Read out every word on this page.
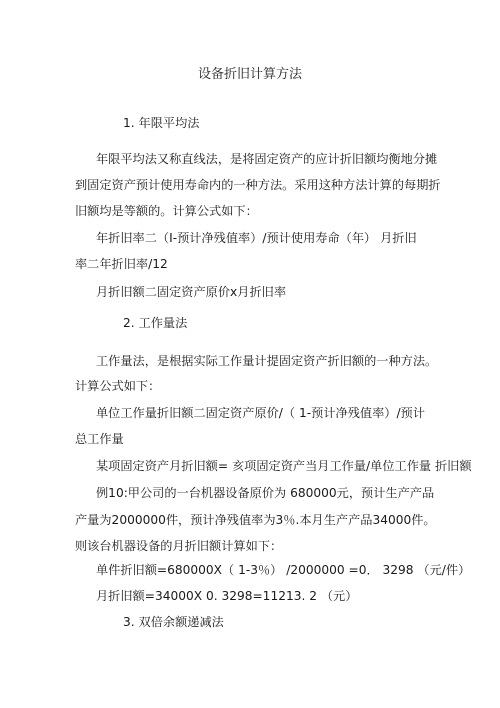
设备折旧计算方法
1. 年限平均法
年限平均法又称直线法，是将固定资产的应计折旧额均衡地分摊
到固定资产预计使用寿命内的一种方法。采用这种方法计算的每期折
旧额均是等额的。计算公式如下：
年折旧率二（I-预计净残值率）/预计使用寿命（年） 月折旧
率二年折旧率/12
月折旧额二固定资产原价x月折旧率
2. 工作量法
工作量法，是根据实际工作量计提固定资产折旧额的一种方法。
计算公式如下：
单位工作量折旧额二固定资产原价/（ 1-预计净残值率）/预计
总工作量
某项固定资产月折旧额= 亥项固定资产当月工作量/单位工作量 折旧额
例10:甲公司的一台机器设备原价为 680000元，预计生产产品
产量为2000000件，预计净残值率为3％.本月生产产品34000件。
则该台机器设备的月折旧额计算如下：
单件折旧额=680000X（ 1-3％） /2000000 =0． 3298 （元/件）
月折旧额=34000X 0. 3298=11213. 2 （元）
3. 双倍余额递减法
